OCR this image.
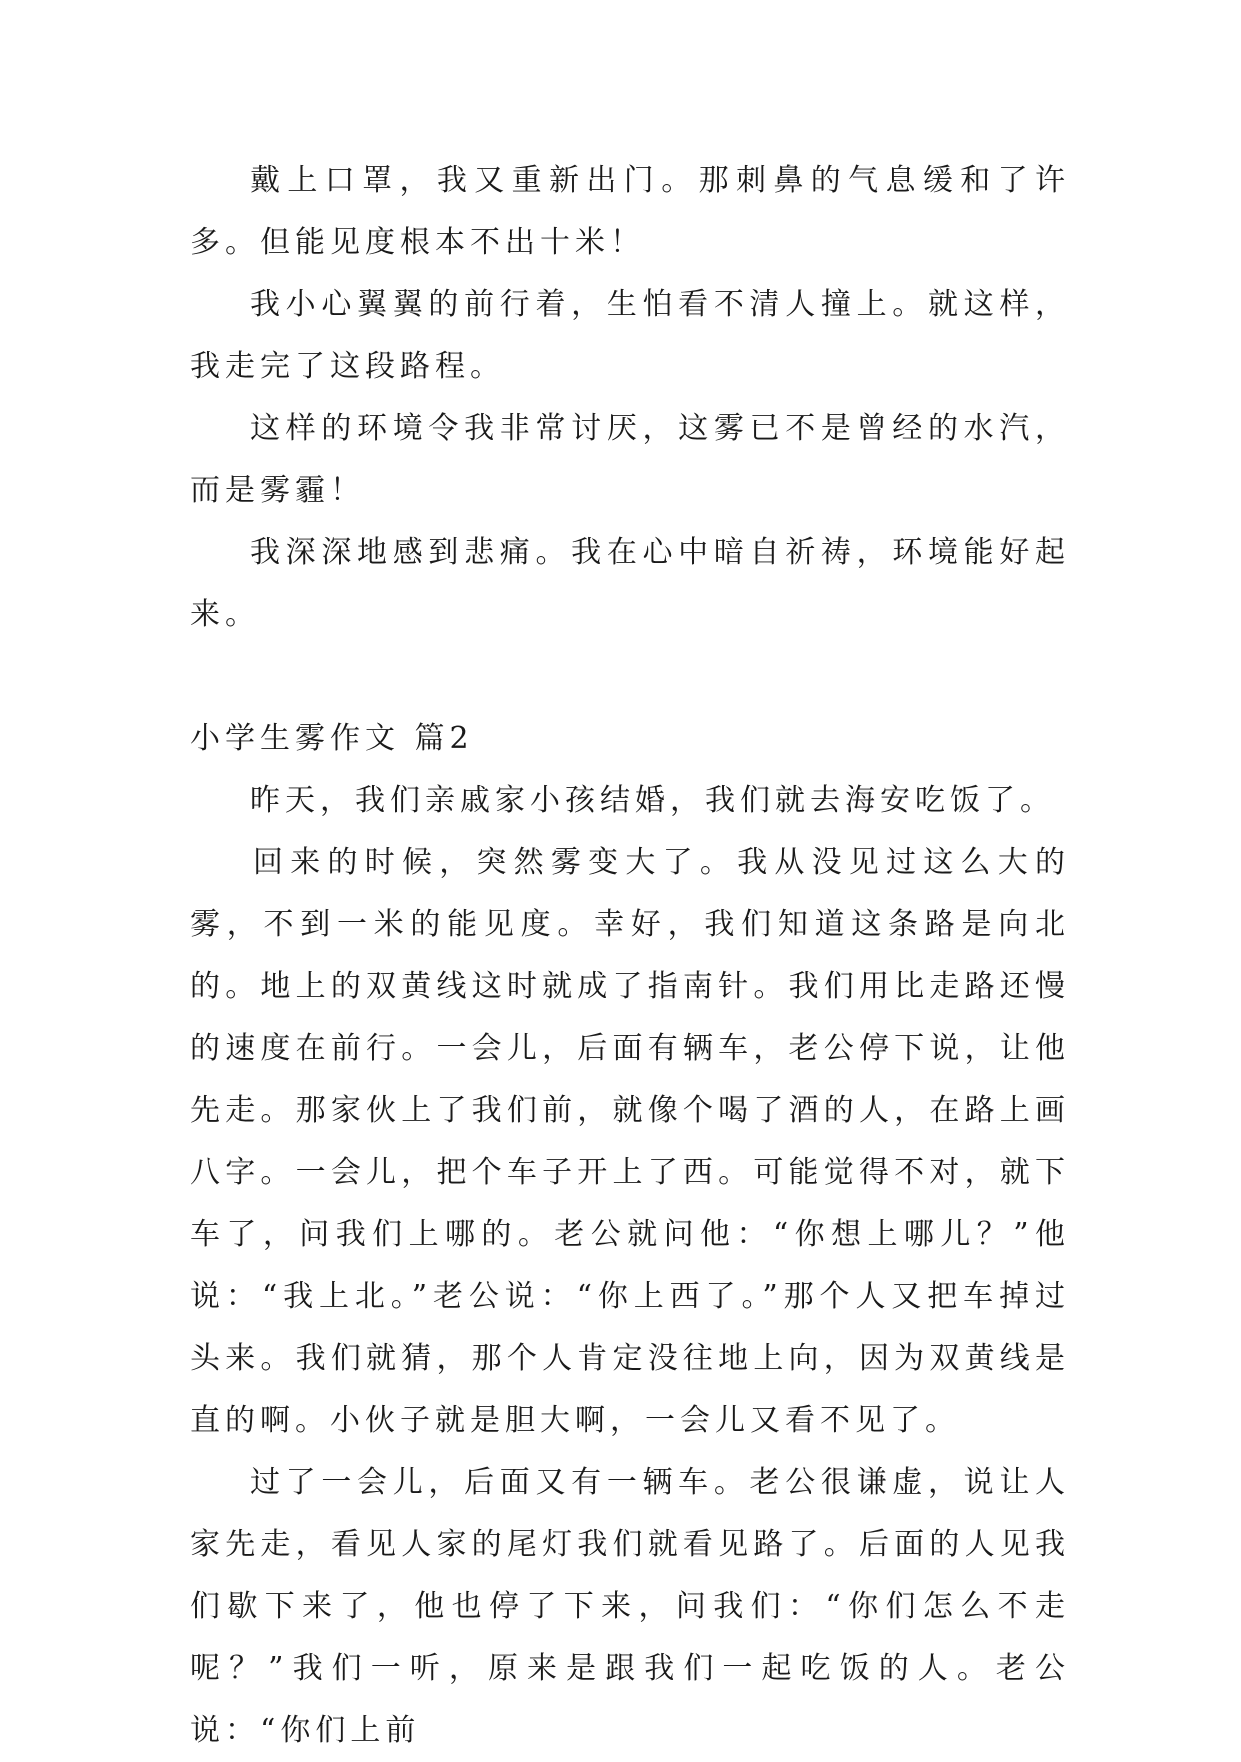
戴上口罩，我又重新出门。那刺鼻的气息缓和了许多。但能见度根本不出十米！

我小心翼翼的前行着，生怕看不清人撞上。就这样，我走完了这段路程。

这样的环境令我非常讨厌，这雾已不是曾经的水汽，而是雾霾！

我深深地感到悲痛。我在心中暗自祈祷，环境能好起来。

小学生雾作文 篇2

昨天，我们亲戚家小孩结婚，我们就去海安吃饭了。

回来的时候，突然雾变大了。我从没见过这么大的雾，不到一米的能见度。幸好，我们知道这条路是向北的。地上的双黄线这时就成了指南针。我们用比走路还慢的速度在前行。一会儿，后面有辆车，老公停下说，让他先走。那家伙上了我们前，就像个喝了酒的人，在路上画八字。一会儿，把个车子开上了西。可能觉得不对，就下车了，问我们上哪的。老公就问他：“你想上哪儿？”他说：“我上北。”老公说：“你上西了。”那个人又把车掉过头来。我们就猜，那个人肯定没往地上向，因为双黄线是直的啊。小伙子就是胆大啊，一会儿又看不见了。

过了一会儿，后面又有一辆车。老公很谦虚，说让人家先走，看见人家的尾灯我们就看见路了。后面的人见我们歇下来了，他也停了下来，问我们：“你们怎么不走呢？”我们一听，原来是跟我们一起吃饭的人。老公说：“你们上前
